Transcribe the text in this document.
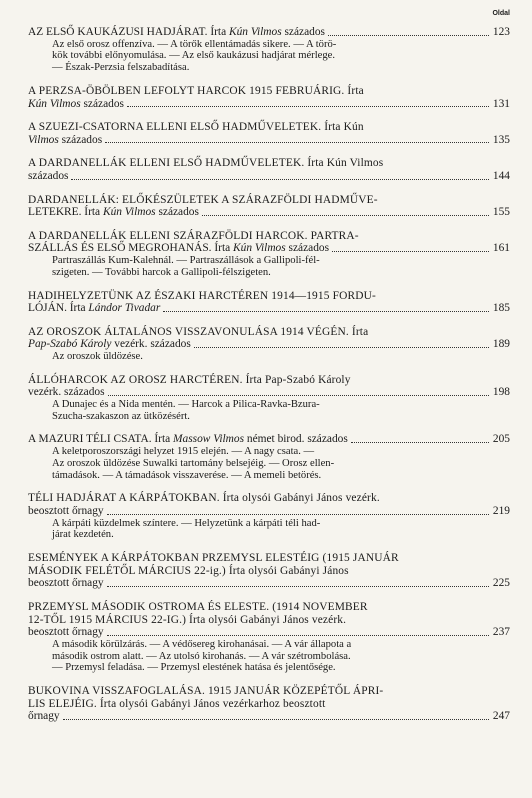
Oldal
AZ ELSŐ KAUKÁZUSI HADJÁRAT. Írta Kún Vilmos százados	123
Az első orosz offenzíva. — A törők ellentámadás sikere. — A törö-
kök további előnyomulása. — Az első kaukázusi hadjárat mérlege.
— Észak-Perzsia felszabadítása.
A PERZSA-ÖBÖLBEN LEFOLYT HARCOK 1915 FEBRUÁRIG. Írta
Kún Vilmos százados	131
A SZUEZI-CSATORNA ELLENI ELSŐ HADMŰVELETEK. Írta Kún
Vilmos százados	135
A DARDANELLÁK ELLENI ELSŐ HADMŰVELETEK. Írta Kún Vilmos
százados	144
DARDANELLÁK: ELŐKÉSZÜLETEK A SZÁRAZFÖLDI HADMŰVE-
LETEKRE. Írta Kún Vilmos százados	155
A DARDANELLÁK ELLENI SZÁRAZFÖLDI HARCOK. PARTRA-
SZÁLLÁS ÉS ELSŐ MEGROHANÁS. Írta Kún Vilmos százados	161
Partraszállás Kum-Kalehnál. — Partraszállások a Gallipoli-fél-
szigeten. — További harcok a Gallipoli-félszigeten.
HADIHELYZETÜNK AZ ÉSZAKI HARCTÉREN 1914—1915 FORDU-
LÓJÁN. Írta Lándor Tivadar	185
AZ OROSZOK ÁLTALÁNOS VISSZAVONULÁSA 1914 VÉGÉN. Írta
Pap-Szabó Károly vezérk. százados	189
Az oroszok üldözése.
ÁLLÓHARCOK AZ OROSZ HARCTÉREN. Írta Pap-Szabó Károly
vezérk. százados	198
A Dunajec és a Nida mentén. — Harcok a Pilica-Ravka-Bzura-
Szucha-szakaszon az ütközésért.
A MAZURI TÉLI CSATA. Írta Massow Vilmos német birod. százados	205
A keletporoszországi helyzet 1915 elején. — A nagy csata. —
Az oroszok üldözése Suwalki tartomány belsejéig. — Orosz ellen-
támadások. — A támadások visszaverése. — A memeli betörés.
TÉLI HADJÁRAT A KÁRPÁTOKBAN. Írta olysói Gabányi János vezérk.
beosztott őrnagy	219
A kárpáti küzdelmek színtere. — Helyzetünk a kárpáti téli had-
járat kezdetén.
ESEMÉNYEK A KÁRPÁTOKBAN PRZEMYSL ELESTÉIG (1915 JANUÁR
MÁSODIK FELÉTŐL MÁRCIUS 22-ig.) Írta olysói Gabányi János
beosztott őrnagy	225
PRZEMYSL MÁSODIK OSTROMA ÉS ELESTE. (1914 NOVEMBER
12-TŐL 1915 MÁRCIUS 22-IG.) Írta olysói Gabányi János vezérk.
beosztott őrnagy	237
A második körülzárás. — A védősereg kirohanásai. — A vár állapota a
második ostrom alatt. — Az utolsó kirohanás. — A vár szétrombolása.
— Przemysl feladása. — Przemysl elestének hatása és jelentősége.
BUKOVINA VISSZAFOGLALÁSA. 1915 JANUÁR KÖZEPÉTŐL ÁPRI-
LIS ELEJÉIG. Írta olysói Gabányi János vezérkarhoz beosztott
őrnagy	247
